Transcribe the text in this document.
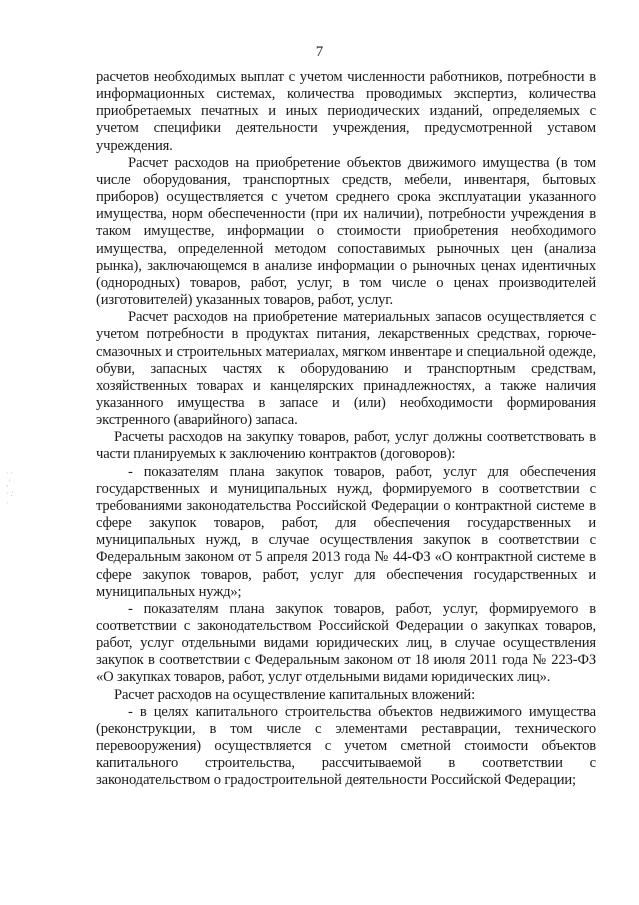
7
· ·
,'
· :
·

расчетов необходимых выплат с учетом численности работников, потребности в информационных системах, количества проводимых экспертиз, количества приобретаемых печатных и иных периодических изданий, определяемых с учетом специфики деятельности учреждения, предусмотренной уставом учреждения.

Расчет расходов на приобретение объектов движимого имущества (в том числе оборудования, транспортных средств, мебели, инвентаря, бытовых приборов) осуществляется с учетом среднего срока эксплуатации указанного имущества, норм обеспеченности (при их наличии), потребности учреждения в таком имуществе, информации о стоимости приобретения необходимого имущества, определенной методом сопоставимых рыночных цен (анализа рынка), заключающемся в анализе информации о рыночных ценах идентичных (однородных) товаров, работ, услуг, в том числе о ценах производителей (изготовителей) указанных товаров, работ, услуг.

Расчет расходов на приобретение материальных запасов осуществляется с учетом потребности в продуктах питания, лекарственных средствах, горюче-смазочных и строительных материалах, мягком инвентаре и специальной одежде, обуви, запасных частях к оборудованию и транспортным средствам, хозяйственных товарах и канцелярских принадлежностях, а также наличия указанного имущества в запасе и (или) необходимости формирования экстренного (аварийного) запаса.

Расчеты расходов на закупку товаров, работ, услуг должны соответствовать в части планируемых к заключению контрактов (договоров):

- показателям плана закупок товаров, работ, услуг для обеспечения государственных и муниципальных нужд, формируемого в соответствии с требованиями законодательства Российской Федерации о контрактной системе в сфере закупок товаров, работ, для обеспечения государственных и муниципальных нужд, в случае осуществления закупок в соответствии с Федеральным законом от 5 апреля 2013 года № 44-ФЗ «О контрактной системе в сфере закупок товаров, работ, услуг для обеспечения государственных и муниципальных нужд»;

- показателям плана закупок товаров, работ, услуг, формируемого в соответствии с законодательством Российской Федерации о закупках товаров, работ, услуг отдельными видами юридических лиц, в случае осуществления закупок в соответствии с Федеральным законом от 18 июля 2011 года № 223-ФЗ «О закупках товаров, работ, услуг отдельными видами юридических лиц».

Расчет расходов на осуществление капитальных вложений:

- в целях капитального строительства объектов недвижимого имущества (реконструкции, в том числе с элементами реставрации, технического перевооружения) осуществляется с учетом сметной стоимости объектов капитального строительства, рассчитываемой в соответствии с законодательством о градостроительной деятельности Российской Федерации;
